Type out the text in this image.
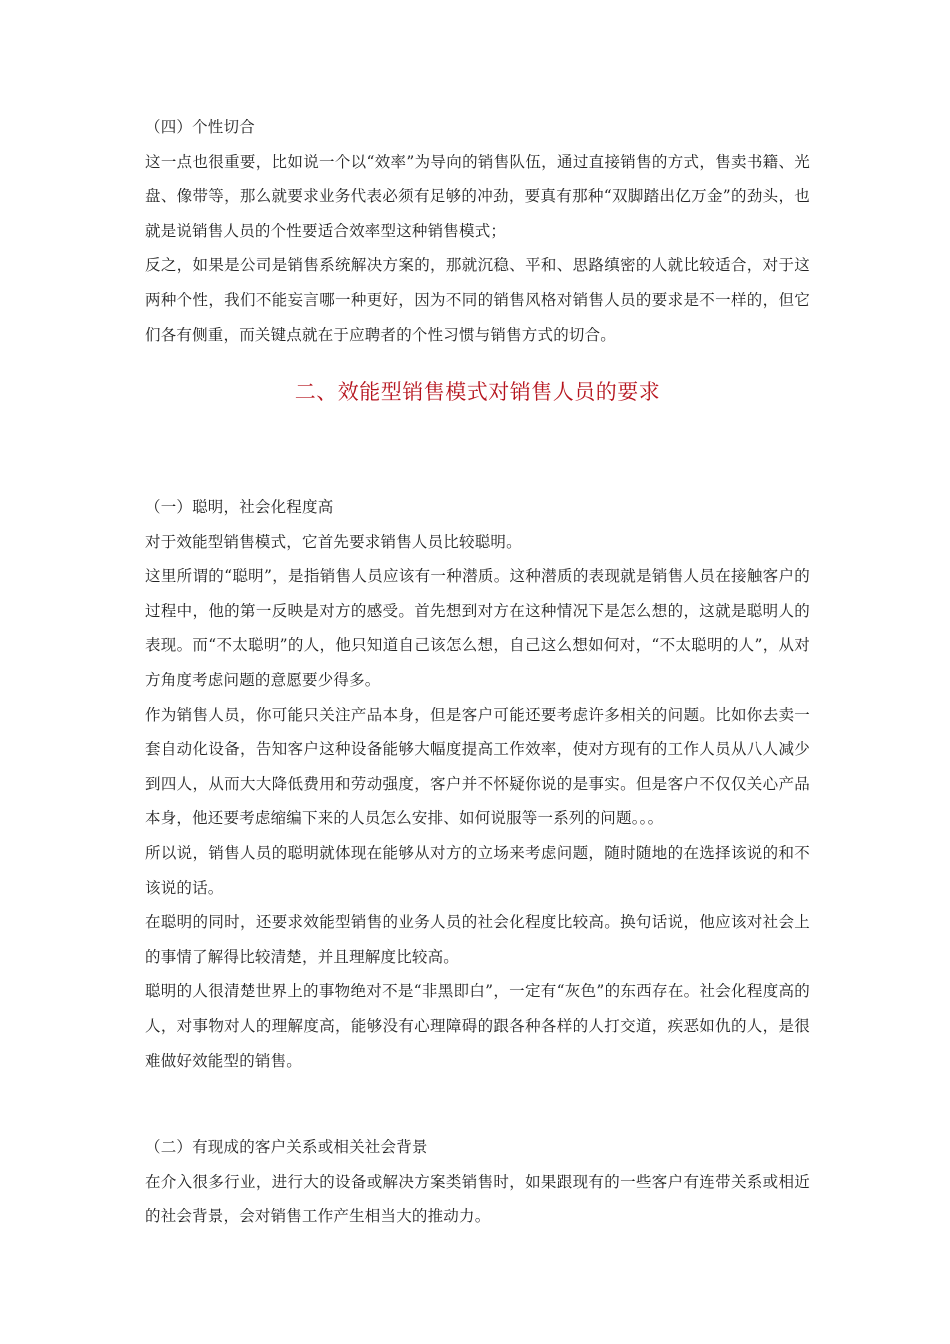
（四）个性切合

这一点也很重要，比如说一个以“效率”为导向的销售队伍，通过直接销售的方式，售卖书籍、光盘、像带等，那么就要求业务代表必须有足够的冲劲，要真有那种“双脚踏出亿万金”的劲头，也就是说销售人员的个性要适合效率型这种销售模式；

反之，如果是公司是销售系统解决方案的，那就沉稳、平和、思路缜密的人就比较适合，对于这两种个性，我们不能妄言哪一种更好，因为不同的销售风格对销售人员的要求是不一样的，但它们各有侧重，而关键点就在于应聘者的个性习惯与销售方式的切合。

二、效能型销售模式对销售人员的要求

（一）聪明，社会化程度高

对于效能型销售模式，它首先要求销售人员比较聪明。

这里所谓的“聪明”，是指销售人员应该有一种潜质。这种潜质的表现就是销售人员在接触客户的过程中，他的第一反映是对方的感受。首先想到对方在这种情况下是怎么想的，这就是聪明人的表现。而“不太聪明”的人，他只知道自己该怎么想，自己这么想如何对，“不太聪明的人”，从对方角度考虑问题的意愿要少得多。

作为销售人员，你可能只关注产品本身，但是客户可能还要考虑许多相关的问题。比如你去卖一套自动化设备，告知客户这种设备能够大幅度提高工作效率，使对方现有的工作人员从八人减少到四人，从而大大降低费用和劳动强度，客户并不怀疑你说的是事实。但是客户不仅仅关心产品本身，他还要考虑缩编下来的人员怎么安排、如何说服等一系列的问题。。。

所以说，销售人员的聪明就体现在能够从对方的立场来考虑问题，随时随地的在选择该说的和不该说的话。

在聪明的同时，还要求效能型销售的业务人员的社会化程度比较高。换句话说，他应该对社会上的事情了解得比较清楚，并且理解度比较高。

聪明的人很清楚世界上的事物绝对不是“非黑即白”，一定有“灰色”的东西存在。社会化程度高的人，对事物对人的理解度高，能够没有心理障碍的跟各种各样的人打交道，疾恶如仇的人，是很难做好效能型的销售。

（二）有现成的客户关系或相关社会背景

在介入很多行业，进行大的设备或解决方案类销售时，如果跟现有的一些客户有连带关系或相近的社会背景，会对销售工作产生相当大的推动力。
